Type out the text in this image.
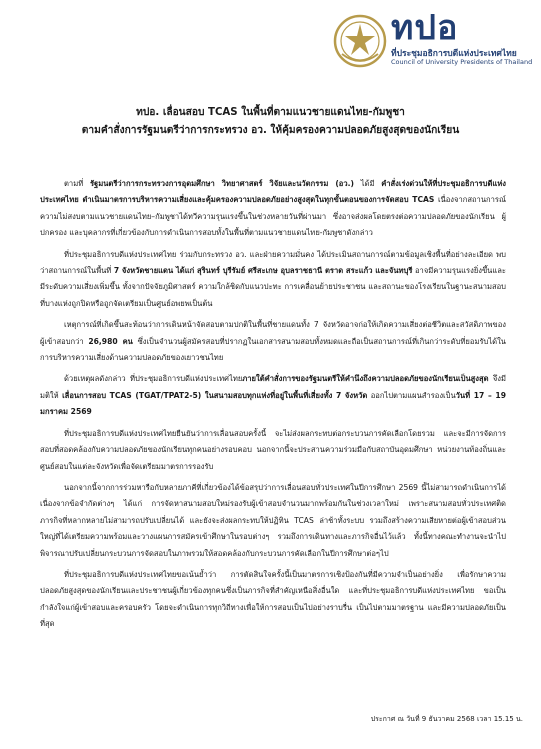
ทปอ
ที่ประชุมอธิการบดีแห่งประเทศไทย
Council of University Presidents of Thailand
ทปอ. เลื่อนสอบ TCAS ในพื้นที่ตามแนวชายแดนไทย-กัมพูชา
ตามคำสั่งการรัฐมนตรีว่าการกระทรวง อว. ให้คุ้มครองความปลอดภัยสูงสุดของนักเรียน

ตามที่ รัฐมนตรีว่าการกระทรวงการอุดมศึกษา วิทยาศาสตร์ วิจัยและนวัตกรรม (อว.) ได้มี คำสั่งเร่งด่วนให้ที่ประชุมอธิการบดีแห่งประเทศไทย ดำเนินมาตรการบริหารความเสี่ยงและคุ้มครองความปลอดภัยอย่างสูงสุดในทุกขั้นตอนของการจัดสอบ TCAS เนื่องจากสถานการณ์ความไม่สงบตามแนวชายแดนไทย–กัมพูชาได้ทวีความรุนแรงขึ้นในช่วงหลายวันที่ผ่านมา ซึ่งอาจส่งผลโดยตรงต่อความปลอดภัยของนักเรียน ผู้ปกครอง และบุคลากรที่เกี่ยวข้องกับการดำเนินการสอบทั้งในพื้นที่ตามแนวชายแดนไทย-กัมพูชาดังกล่าว

ที่ประชุมอธิการบดีแห่งประเทศไทย ร่วมกับกระทรวง อว. และฝ่ายความมั่นคง ได้ประเมินสถานการณ์ตามข้อมูลเชิงพื้นที่อย่างละเอียด พบว่าสถานการณ์ในพื้นที่ 7 จังหวัดชายแดน ได้แก่ สุรินทร์ บุรีรัมย์ ศรีสะเกษ อุบลราชธานี ตราด สระแก้ว และจันทบุรี อาจมีความรุนแรงยิ่งขึ้นและมีระดับความเสี่ยงเพิ่มขึ้น ทั้งจากปัจจัยภูมิศาสตร์ ความใกล้ชิดกับแนวปะทะ การเคลื่อนย้ายประชาชน และสถานะของโรงเรียนในฐานะสนามสอบที่บางแห่งถูกปิดหรือถูกจัดเตรียมเป็นศูนย์อพยพเป็นต้น

เหตุการณ์ที่เกิดขึ้นสะท้อนว่าการเดินหน้าจัดสอบตามปกติในพื้นที่ชายแดนทั้ง 7 จังหวัดอาจก่อให้เกิดความเสี่ยงต่อชีวิตและสวัสดิภาพของผู้เข้าสอบกว่า 26,980 คน ซึ่งเป็นจำนวนผู้สมัครสอบที่ปรากฏในเอกสารสนามสอบทั้งหมดและถือเป็นสถานการณ์ที่เกินกว่าระดับที่ยอมรับได้ในการบริหารความเสี่ยงด้านความปลอดภัยของเยาวชนไทย

ด้วยเหตุผลดังกล่าว ที่ประชุมอธิการบดีแห่งประเทศไทยภายใต้คำสั่งการของรัฐมนตรีให้คำนึงถึงความปลอดภัยของนักเรียนเป็นสูงสุด จึงมีมติให้ เลื่อนการสอบ TCAS (TGAT/TPAT2-5) ในสนามสอบทุกแห่งที่อยู่ในพื้นที่เสี่ยงทั้ง 7 จังหวัด ออกไปตามแผนสำรองเป็นวันที่ 17 – 19 มกราคม 2569

ที่ประชุมอธิการบดีแห่งประเทศไทยยืนยันว่าการเลื่อนสอบครั้งนี้ จะไม่ส่งผลกระทบต่อกระบวนการคัดเลือกโดยรวม และจะมีการจัดการสอบที่สอดคล้องกับความปลอดภัยของนักเรียนทุกคนอย่างรอบคอบ นอกจากนี้จะประสานความร่วมมือกับสถาบันอุดมศึกษา หน่วยงานท้องถิ่นและศูนย์สอบในแต่ละจังหวัดเพื่อจัดเตรียมมาตรการรองรับ

นอกจากนี้จากการร่วมหารือกับหลายภาคีที่เกี่ยวข้องได้ข้อสรุปว่าการเลื่อนสอบทั่วประเทศในปีการศึกษา 2569 นี้ไม่สามารถดำเนินการได้ เนื่องจากข้อจำกัดต่างๆ ได้แก่ การจัดหาสนามสอบใหม่รองรับผู้เข้าสอบจำนวนมากพร้อมกันในช่วงเวลาใหม่ เพราะสนามสอบทั่วประเทศติดภารกิจที่หลากหลายไม่สามารถปรับเปลี่ยนได้ และยังจะส่งผลกระทบให้ปฏิทิน TCAS ล่าช้าทั้งระบบ รวมถึงสร้างความเสียหายต่อผู้เข้าสอบส่วนใหญ่ที่ได้เตรียมความพร้อมและวางแผนการสมัครเข้าศึกษาในรอบต่างๆ รวมถึงการเดินทางและภารกิจอื่นไว้แล้ว ทั้งนี้ทางคณะทำงานจะนำไปพิจารณาปรับเปลี่ยนกระบวนการจัดสอบในภาพรวมให้สอดคล้องกับกระบวนการคัดเลือกในปีการศึกษาต่อๆไป

ที่ประชุมอธิการบดีแห่งประเทศไทยขอเน้นย้ำว่า การตัดสินใจครั้งนี้เป็นมาตรการเชิงป้องกันที่มีความจำเป็นอย่างยิ่ง เพื่อรักษาความปลอดภัยสูงสุดของนักเรียนและประชาชนผู้เกี่ยวข้องทุกคนซึ่งเป็นภารกิจที่สำคัญเหนือสิ่งอื่นใด และที่ประชุมอธิการบดีแห่งประเทศไทย ขอเป็นกำลังใจแก่ผู้เข้าสอบและครอบครัว โดยจะดำเนินการทุกวิถีทางเพื่อให้การสอบเป็นไปอย่างราบรื่น เป็นไปตามมาตรฐาน และมีความปลอดภัยเป็นที่สุด

ประกาศ ณ วันที่ 9 ธันวาคม 2568 เวลา 15.15 น.
